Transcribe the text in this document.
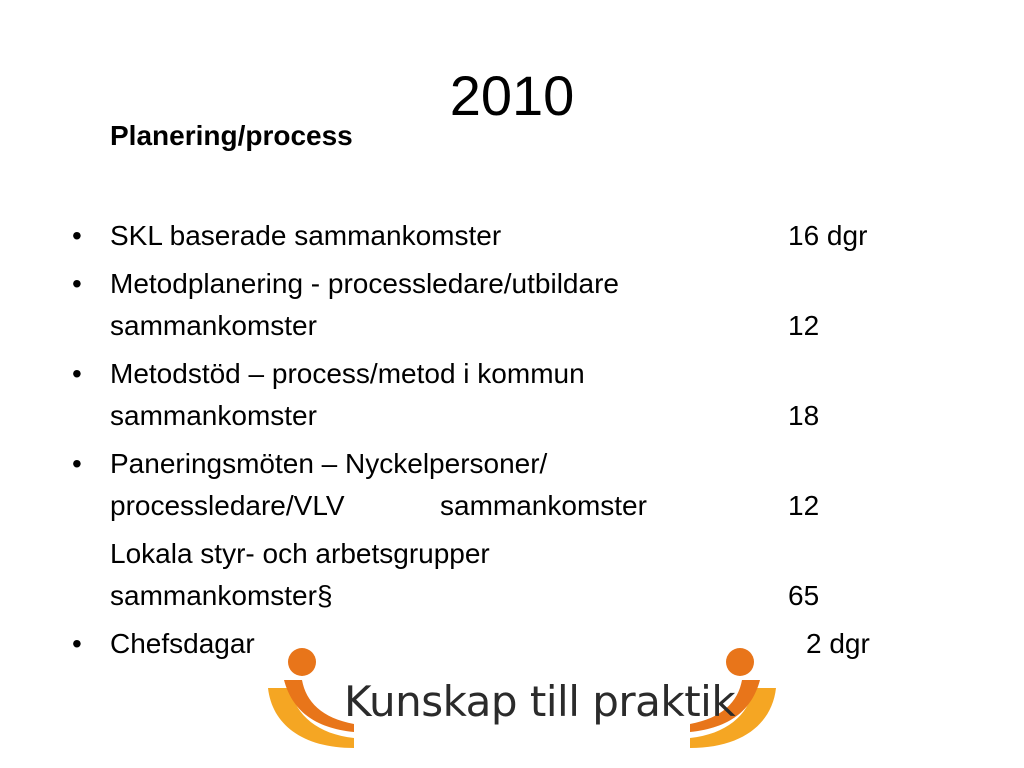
2010
Planering/process
• SKL baserade sammankomster	16 dgr
• Metodplanering - processledare/utbildare
sammankomster	12
• Metodstöd – process/metod i kommun
sammankomster	18
• Paneringsmöten – Nyckelpersoner/
processledare/VLV	sammankomster	12
Lokala styr- och arbetsgrupper
sammankomster§	65
• Chefsdagar	2 dgr
Kunskap till praktik
